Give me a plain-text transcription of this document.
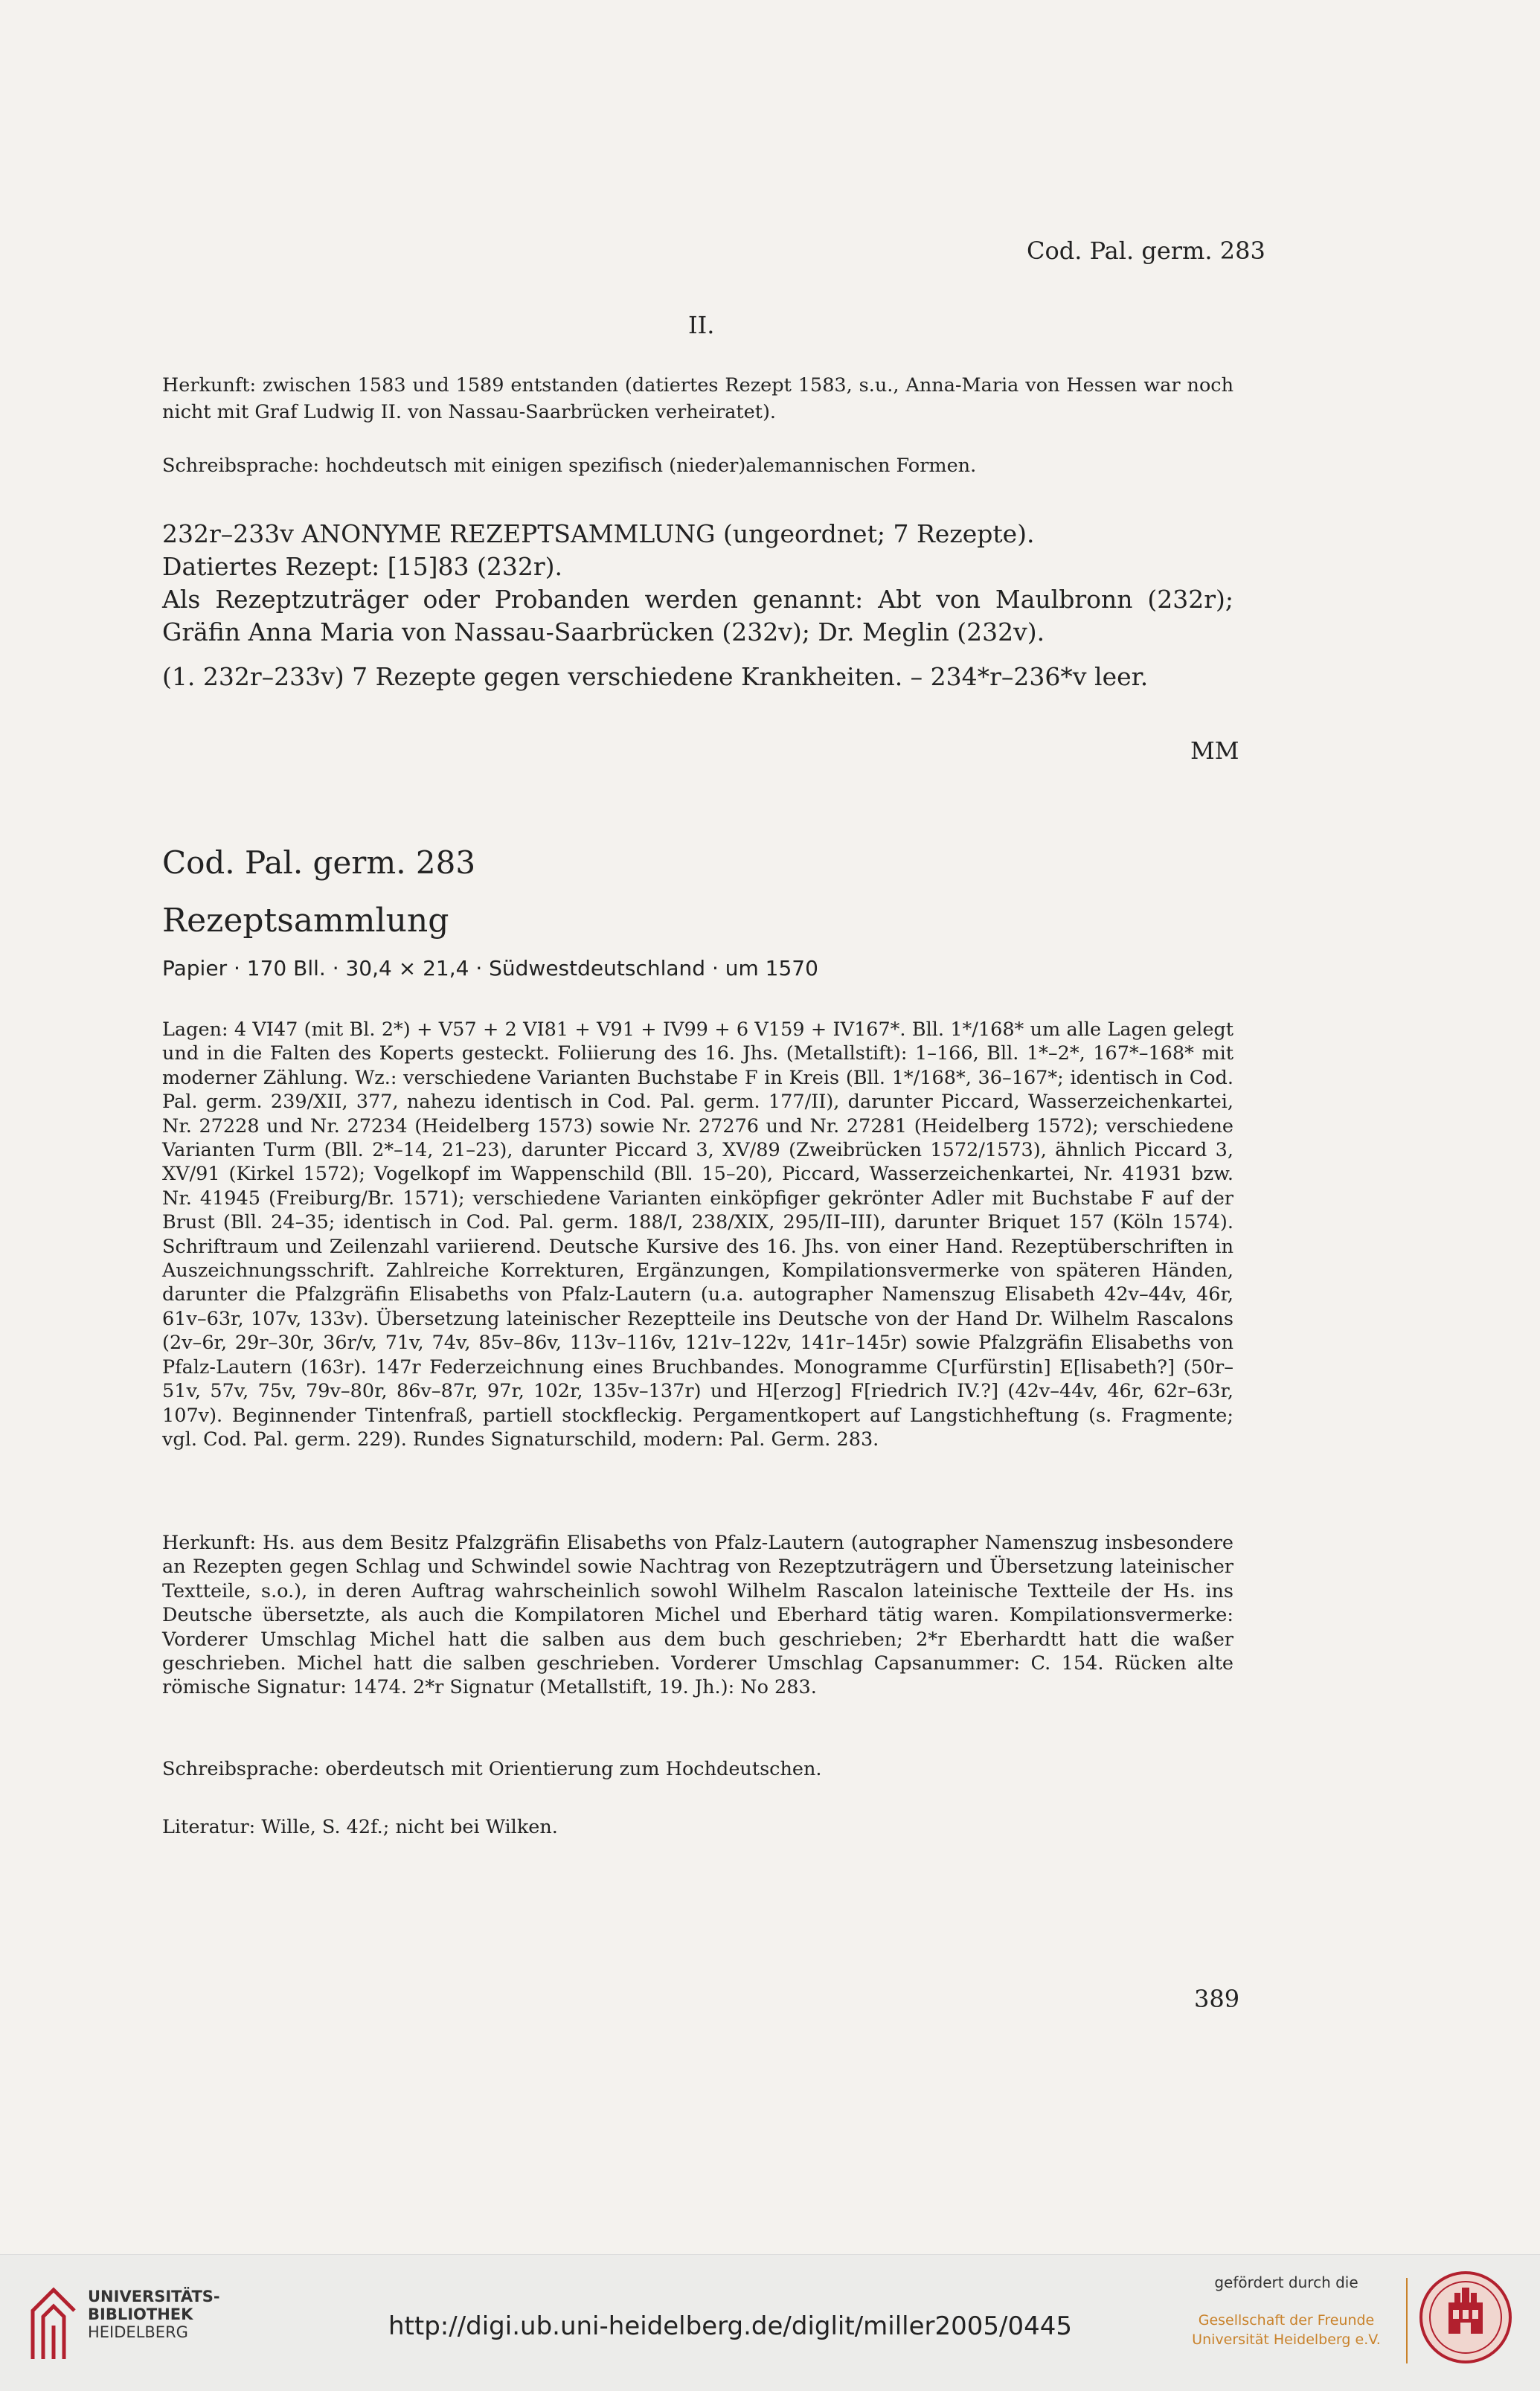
Cod. Pal. germ. 283
II.
Herkunft: zwischen 1583 und 1589 entstanden (datiertes Rezept 1583, s.u., Anna-Maria von Hessen war noch nicht mit Graf Ludwig II. von Nassau-Saarbrücken verheiratet).
Schreibsprache: hochdeutsch mit einigen spezifisch (nieder)alemannischen Formen.
232r–233v ANONYME REZEPTSAMMLUNG (ungeordnet; 7 Rezepte).
Datiertes Rezept: [15]83 (232r).
Als Rezeptzuträger oder Probanden werden genannt: Abt von Maulbronn (232r); Gräfin Anna Maria von Nassau-Saarbrücken (232v); Dr. Meglin (232v).
(1. 232r–233v) 7 Rezepte gegen verschiedene Krankheiten. – 234*r–236*v leer.
MM
Cod. Pal. germ. 283
Rezeptsammlung
Papier · 170 Bll. · 30,4 × 21,4 · Südwestdeutschland · um 1570
Lagen: 4 VI47 (mit Bl. 2*) + V57 + 2 VI81 + V91 + IV99 + 6 V159 + IV167*. Bll. 1*/168* um alle Lagen gelegt und in die Falten des Koperts gesteckt. Foliierung des 16. Jhs. (Metallstift): 1–166, Bll. 1*–2*, 167*–168* mit moderner Zählung. Wz.: verschiedene Varianten Buchstabe F in Kreis (Bll. 1*/168*, 36–167*; identisch in Cod. Pal. germ. 239/XII, 377, nahezu identisch in Cod. Pal. germ. 177/II), darunter Piccard, Wasserzeichenkartei, Nr. 27228 und Nr. 27234 (Heidelberg 1573) sowie Nr. 27276 und Nr. 27281 (Heidelberg 1572); verschiedene Varianten Turm (Bll. 2*–14, 21–23), darunter Piccard 3, XV/89 (Zweibrücken 1572/1573), ähnlich Piccard 3, XV/91 (Kirkel 1572); Vogelkopf im Wappenschild (Bll. 15–20), Piccard, Wasserzeichenkartei, Nr. 41931 bzw. Nr. 41945 (Freiburg/Br. 1571); verschiedene Varianten einköpfiger gekrönter Adler mit Buchstabe F auf der Brust (Bll. 24–35; identisch in Cod. Pal. germ. 188/I, 238/XIX, 295/II–III), darunter Briquet 157 (Köln 1574). Schriftraum und Zeilenzahl variierend. Deutsche Kursive des 16. Jhs. von einer Hand. Rezeptüberschriften in Auszeichnungsschrift. Zahlreiche Korrekturen, Ergänzungen, Kompilationsvermerke von späteren Händen, darunter die Pfalzgräfin Elisabeths von Pfalz-Lautern (u.a. autographer Namenszug Elisabeth 42v–44v, 46r, 61v–63r, 107v, 133v). Übersetzung lateinischer Rezeptteile ins Deutsche von der Hand Dr. Wilhelm Rascalons (2v–6r, 29r–30r, 36r/v, 71v, 74v, 85v–86v, 113v–116v, 121v–122v, 141r–145r) sowie Pfalzgräfin Elisabeths von Pfalz-Lautern (163r). 147r Federzeichnung eines Bruchbandes. Monogramme C[urfürstin] E[lisabeth?] (50r–51v, 57v, 75v, 79v–80r, 86v–87r, 97r, 102r, 135v–137r) und H[erzog] F[riedrich IV.?] (42v–44v, 46r, 62r–63r, 107v). Beginnender Tintenfraß, partiell stockfleckig. Pergamentkopert auf Langstichheftung (s. Fragmente; vgl. Cod. Pal. germ. 229). Rundes Signaturschild, modern: Pal. Germ. 283.
Herkunft: Hs. aus dem Besitz Pfalzgräfin Elisabeths von Pfalz-Lautern (autographer Namenszug insbesondere an Rezepten gegen Schlag und Schwindel sowie Nachtrag von Rezeptzuträgern und Übersetzung lateinischer Textteile, s.o.), in deren Auftrag wahrscheinlich sowohl Wilhelm Rascalon lateinische Textteile der Hs. ins Deutsche übersetzte, als auch die Kompilatoren Michel und Eberhard tätig waren. Kompilationsvermerke: Vorderer Umschlag Michel hatt die salben aus dem buch geschrieben; 2*r Eberhardtt hatt die waßer geschrieben. Michel hatt die salben geschrieben. Vorderer Umschlag Capsanummer: C. 154. Rücken alte römische Signatur: 1474. 2*r Signatur (Metallstift, 19. Jh.): No 283.
Schreibsprache: oberdeutsch mit Orientierung zum Hochdeutschen.
Literatur: Wille, S. 42f.; nicht bei Wilken.
389
UNIVERSITÄTS-
BIBLIOTHEK
HEIDELBERG	http://digi.ub.uni-heidelberg.de/diglit/miller2005/0445
gefördert durch die
Gesellschaft der Freunde
Universität Heidelberg e.V.
